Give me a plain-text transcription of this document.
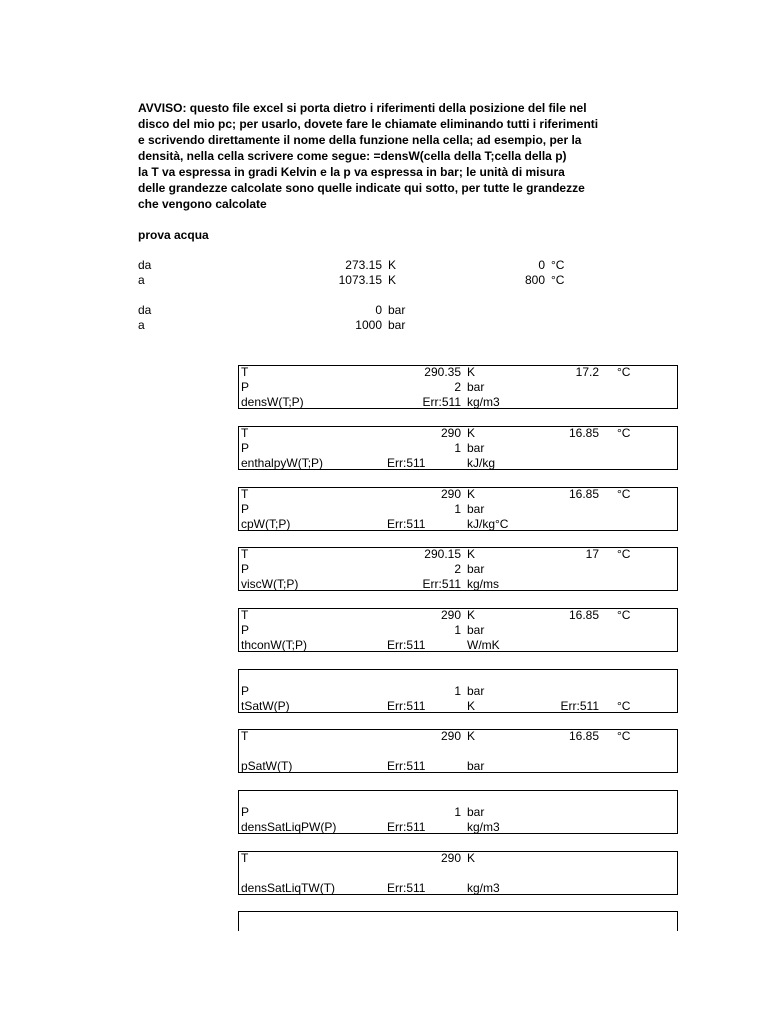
AVVISO: questo file excel si porta dietro i riferimenti della posizione del file nel
disco del mio pc; per usarlo, dovete fare le chiamate eliminando tutti i riferimenti
e scrivendo direttamente il nome della funzione nella cella; ad esempio, per la
densità, nella cella scrivere come segue: =densW(cella della T;cella della p)
la T va espressa in gradi Kelvin e la p va espressa in bar; le unità di misura
delle grandezze calcolate sono quelle indicate qui sotto, per tutte le grandezze
che vengono calcolate
prova acqua
da	273.15 K	0 °C
a	1073.15 K	800 °C
da	0 bar
a	1000 bar
T	290.35 K	17.2 °C
P	2 bar
densW(T;P)	Err:511 kg/m3
T	290 K	16.85 °C
P	1 bar
enthalpyW(T;P)	Err:511	kJ/kg
T	290 K	16.85 °C
P	1 bar
cpW(T;P)	Err:511	kJ/kg°C
T	290.15 K	17 °C
P	2 bar
viscW(T;P)	Err:511 kg/ms
T	290 K	16.85 °C
P	1 bar
thconW(T;P)	Err:511	W/mK
P	1 bar
tSatW(P)	Err:511	K	Err:511 °C
T	290 K	16.85 °C
pSatW(T)	Err:511	bar
P	1 bar
densSatLiqPW(P)	Err:511	kg/m3
T	290 K
densSatLiqTW(T)	Err:511	kg/m3
